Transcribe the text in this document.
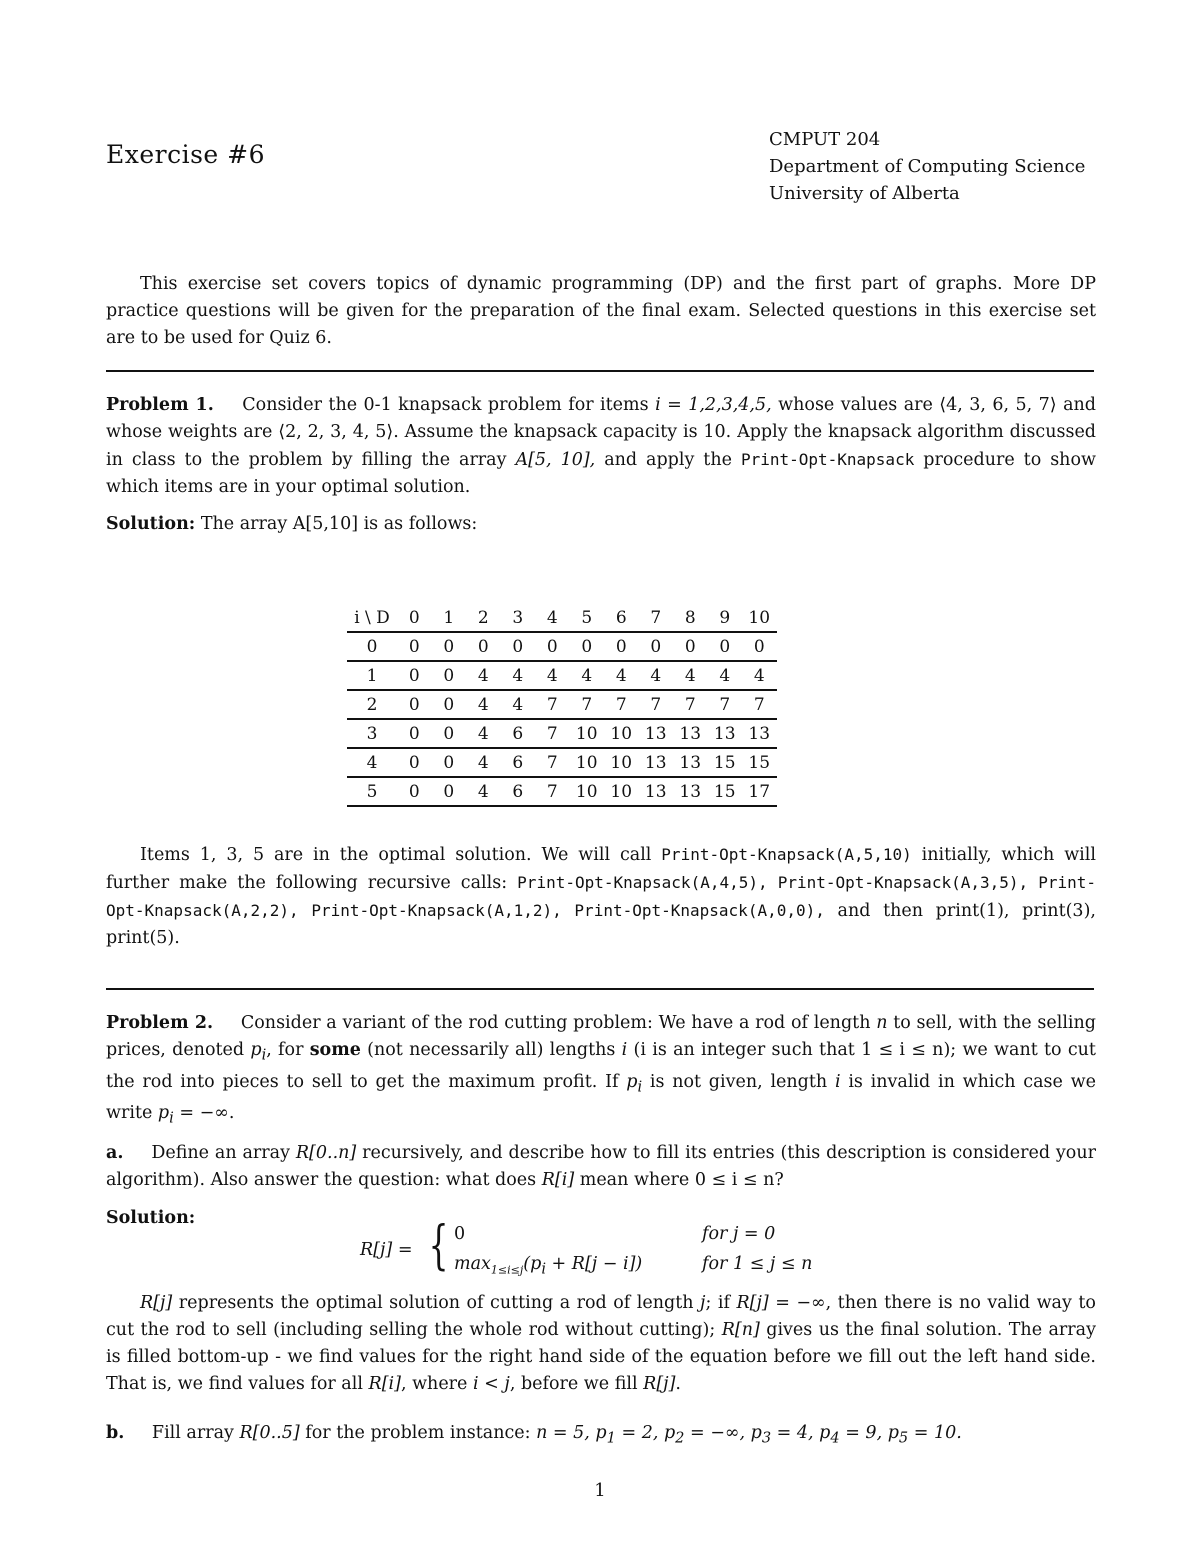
Exercise #6
CMPUT 204
Department of Computing Science
University of Alberta
This exercise set covers topics of dynamic programming (DP) and the first part of graphs. More DP practice questions will be given for the preparation of the final exam. Selected questions in this exercise set are to be used for Quiz 6.
Problem 1. Consider the 0-1 knapsack problem for items i = 1,2,3,4,5, whose values are ⟨4, 3, 6, 5, 7⟩ and whose weights are ⟨2, 2, 3, 4, 5⟩. Assume the knapsack capacity is 10. Apply the knapsack algorithm discussed in class to the problem by filling the array A[5, 10], and apply the Print-Opt-Knapsack procedure to show which items are in your optimal solution.
Solution: The array A[5,10] is as follows:
i \ D	0	1	2	3	4	5	6	7	8	9	10
0	0	0	0	0	0	0	0	0	0	0	0
1	0	0	4	4	4	4	4	4	4	4	4
2	0	0	4	4	7	7	7	7	7	7	7
3	0	0	4	6	7	10	10	13	13	13	13
4	0	0	4	6	7	10	10	13	13	15	15
5	0	0	4	6	7	10	10	13	13	15	17
Items 1, 3, 5 are in the optimal solution. We will call Print-Opt-Knapsack(A,5,10) initially, which will further make the following recursive calls: Print-Opt-Knapsack(A,4,5), Print-Opt-Knapsack(A,3,5), Print-Opt-Knapsack(A,2,2), Print-Opt-Knapsack(A,1,2), Print-Opt-Knapsack(A,0,0), and then print(1), print(3), print(5).
Problem 2. Consider a variant of the rod cutting problem: We have a rod of length n to sell, with the selling prices, denoted $p_i$, for some (not necessarily all) lengths i (i is an integer such that 1 ≤ i ≤ n); we want to cut the rod into pieces to sell to get the maximum profit. If $p_i$ is not given, length i is invalid in which case we write $p_i$ = −∞.
a. Define an array R[0..n] recursively, and describe how to fill its entries (this description is considered your algorithm). Also answer the question: what does R[i] mean where 0 ≤ i ≤ n?
Solution:
R[j] = { 0	for j = 0
$\max_{1\le i\le j}(p_i + R[j - i])$	for 1 ≤ j ≤ n
R[j] represents the optimal solution of cutting a rod of length j; if R[j] = −∞, then there is no valid way to cut the rod to sell (including selling the whole rod without cutting); R[n] gives us the final solution. The array is filled bottom-up - we find values for the right hand side of the equation before we fill out the left hand side. That is, we find values for all R[i], where i < j, before we fill R[j].
b. Fill array R[0..5] for the problem instance: n = 5, $p_1 = 2$, $p_2$ = −∞, $p_3 = 4$, $p_4 = 9$, $p_5 = 10$.
1
